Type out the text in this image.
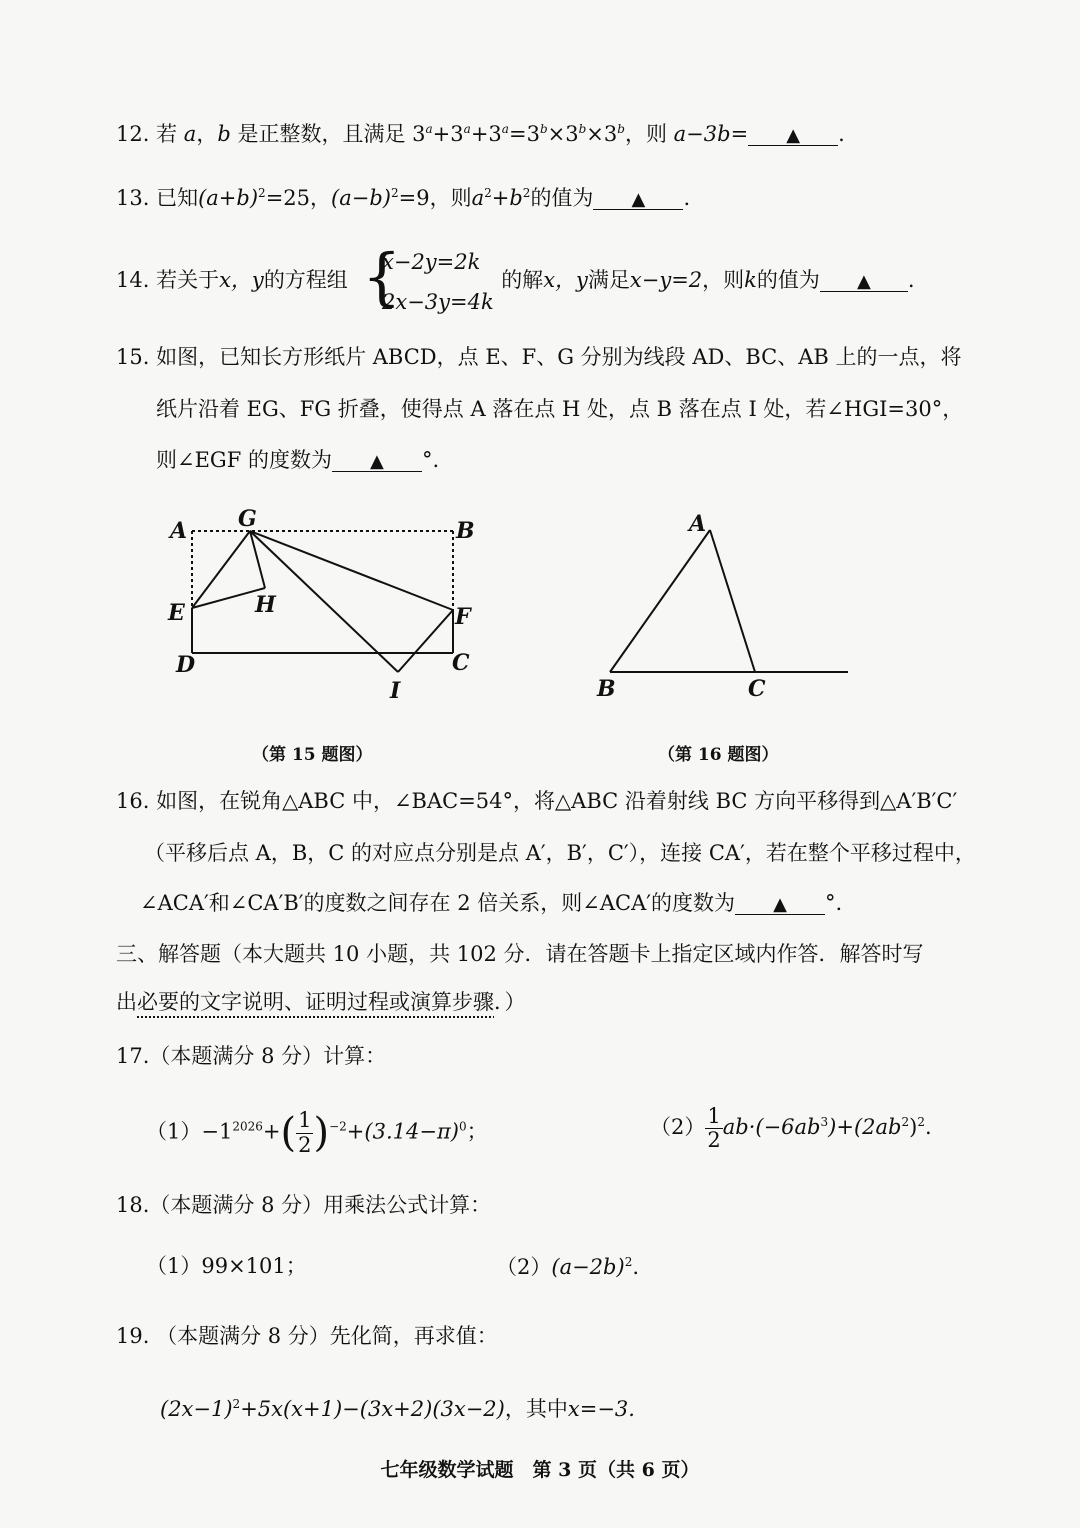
12. 若 a，b 是正整数，且满足 $3^a+3^a+3^a=3^b\times 3^b\times 3^b$，则 a−3b= ▲ .
13. 已知$(a+b)^2=25$，$(a-b)^2=9$，则$a^2+b^2$的值为 ▲ .
14. 若关于x，y的方程组	的解x，y满足x−y=2，则k的值为 ▲ .
{
x−2y=2k
2x−3y=4k
15. 如图，已知长方形纸片 ABCD，点 E、F、G 分别为线段 AD、BC、AB 上的一点，将
纸片沿着 EG、FG 折叠，使得点 A 落在点 H 处，点 B 落在点 I 处，若∠HGI=30°，
则∠EGF 的度数为 ▲ °.
A G	B
E	H	F
D	C
I
A
B	C
（第 15 题图）	（第 16 题图）
16. 如图，在锐角△ABC 中，∠BAC=54°，将△ABC 沿着射线 BC 方向平移得到△A′B′C′
（平移后点 A，B，C 的对应点分别是点 A′，B′，C′），连接 CA′，若在整个平移过程中，
∠ACA′和∠CA′B′的度数之间存在 2 倍关系，则∠ACA′的度数为 ▲ °.
三、解答题（本大题共 10 小题，共 102 分．请在答题卡上指定区域内作答．解答时写
出必要的文字说明、证明过程或演算步骤．）
17.（本题满分 8 分）计算：
$(1)-1^{2026}+( \frac{1}{2} )^{-2}+(3.14-\pi)^0$；	$(2) \frac{1}{2} ab\cdot(-6ab^3)+(2ab^2)^2$.
18.（本题满分 8 分）用乘法公式计算：
（1）99×101；	$(2)(a-2b)^2$.
19. （本题满分 8 分）先化简，再求值：
$(2x-1)^2+5x(x+1)-(3x+2)(3x-2)$，其中x=−3.
七年级数学试题　第 3 页（共 6 页）
